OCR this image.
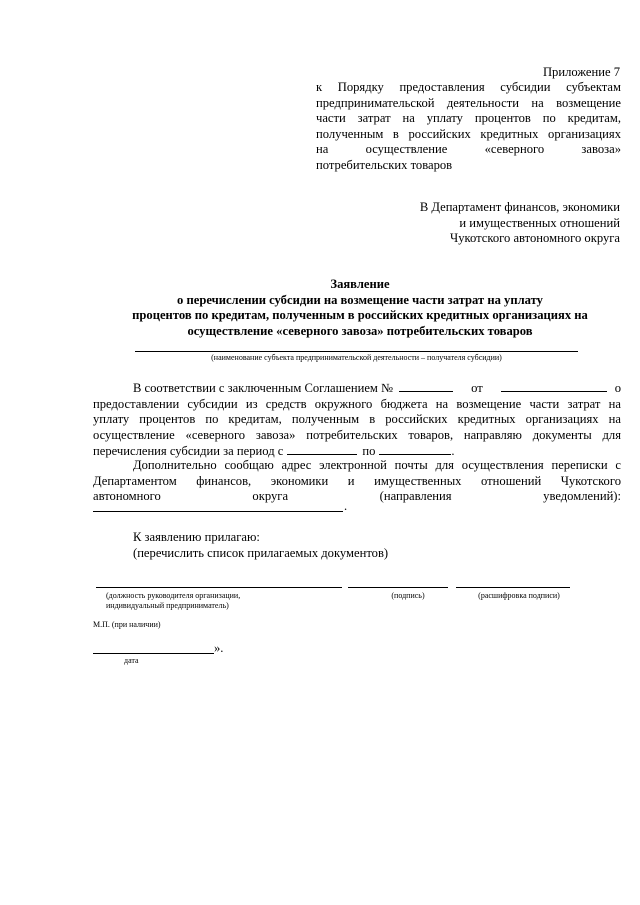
Приложение 7
к Порядку предоставления субсидии субъектам
предпринимательской деятельности на возмещение
части затрат на уплату процентов по кредитам,
полученным в российских кредитных организациях
на осуществление «северного завоза»
потребительских товаров
В Департамент финансов, экономики
и имущественных отношений
Чукотского автономного округа
Заявление
о перечислении субсидии на возмещение части затрат на уплату
процентов по кредитам, полученным в российских кредитных организациях на
осуществление «северного завоза» потребительских товаров
(наименование субъекта предпринимательской деятельности – получателя субсидии)
В соответствии с заключенным Соглашением №	от	о
предоставлении субсидии из средств окружного бюджета на возмещение части затрат на
уплату процентов по кредитам, полученным в российских кредитных организациях на
осуществление «северного завоза» потребительских товаров, направляю документы для
перечисления субсидии за период с	по	.
Дополнительно сообщаю адрес электронной почты для осуществления переписки с
Департаментом финансов, экономики и имущественных отношений Чукотского
автономного округа (направления уведомлений):
.
К заявлению прилагаю:
(перечислить список прилагаемых документов)
(должность руководителя организации,
индивидуальный предприниматель)
(подпись)	(расшифровка подписи)
М.П. (при наличии)
».
дата
